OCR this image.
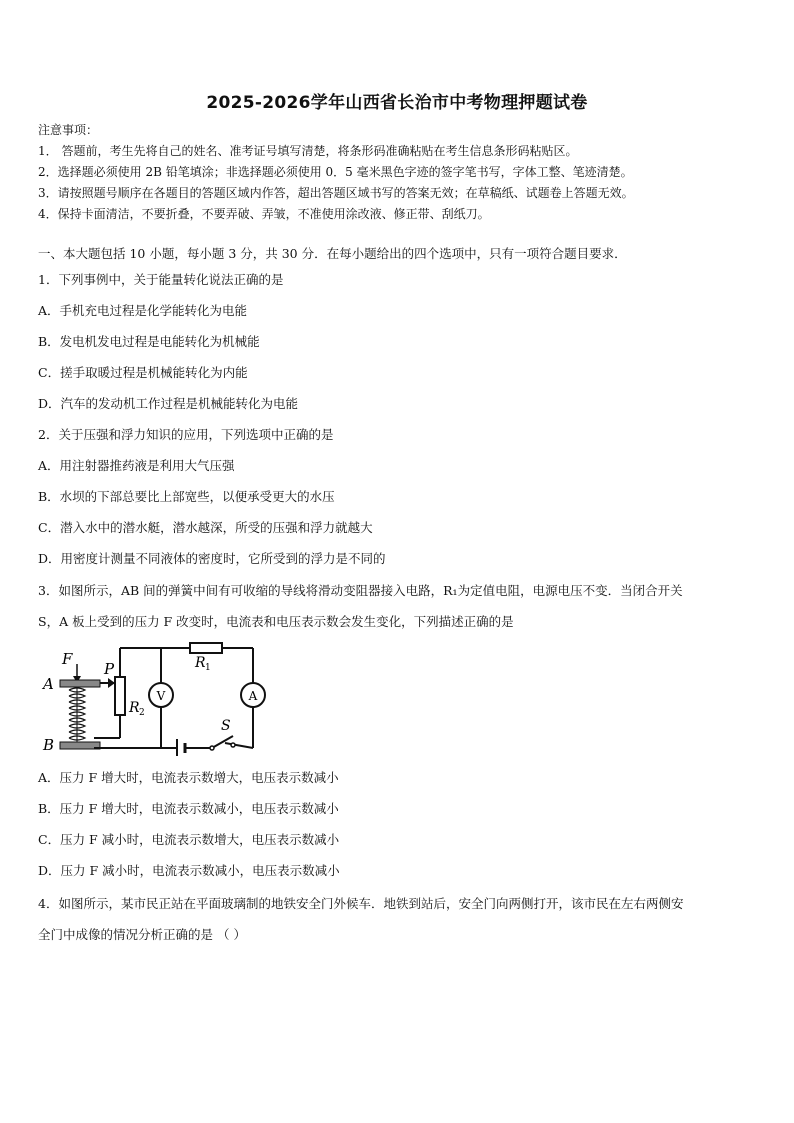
2025-2026学年山西省长治市中考物理押题试卷
注意事项：
1． 答题前，考生先将自己的姓名、准考证号填写清楚，将条形码准确粘贴在考生信息条形码粘贴区。
2．选择题必须使用 2B 铅笔填涂；非选择题必须使用 0．5 毫米黑色字迹的签字笔书写，字体工整、笔迹清楚。
3．请按照题号顺序在各题目的答题区域内作答，超出答题区域书写的答案无效；在草稿纸、试题卷上答题无效。
4．保持卡面清洁，不要折叠，不要弄破、弄皱，不准使用涂改液、修正带、刮纸刀。
一、本大题包括 10 小题，每小题 3 分，共 30 分．在每小题给出的四个选项中，只有一项符合题目要求．
1．下列事例中，关于能量转化说法正确的是
A．手机充电过程是化学能转化为电能
B．发电机发电过程是电能转化为机械能
C．搓手取暖过程是机械能转化为内能
D．汽车的发动机工作过程是机械能转化为电能
2．关于压强和浮力知识的应用，下列选项中正确的是
A．用注射器推药液是利用大气压强
B．水坝的下部总要比上部宽些，以便承受更大的水压
C．潜入水中的潜水艇，潜水越深，所受的压强和浮力就越大
D．用密度计测量不同液体的密度时，它所受到的浮力是不同的
3．如图所示，AB 间的弹簧中间有可收缩的导线将滑动变阻器接入电路，R₁为定值电阻，电源电压不变．当闭合开关
S，A 板上受到的压力 F 改变时，电流表和电压表示数会发生变化，下列描述正确的是
F
A
B
P	R 1
R 2
V	A
S
A．压力 F 增大时，电流表示数增大，电压表示数减小
B．压力 F 增大时，电流表示数减小，电压表示数减小
C．压力 F 减小时，电流表示数增大，电压表示数减小
D．压力 F 减小时，电流表示数减小，电压表示数减小
4．如图所示，某市民正站在平面玻璃制的地铁安全门外候车．地铁到站后，安全门向两侧打开，该市民在左右两侧安
全门中成像的情况分析正确的是 （ ）
